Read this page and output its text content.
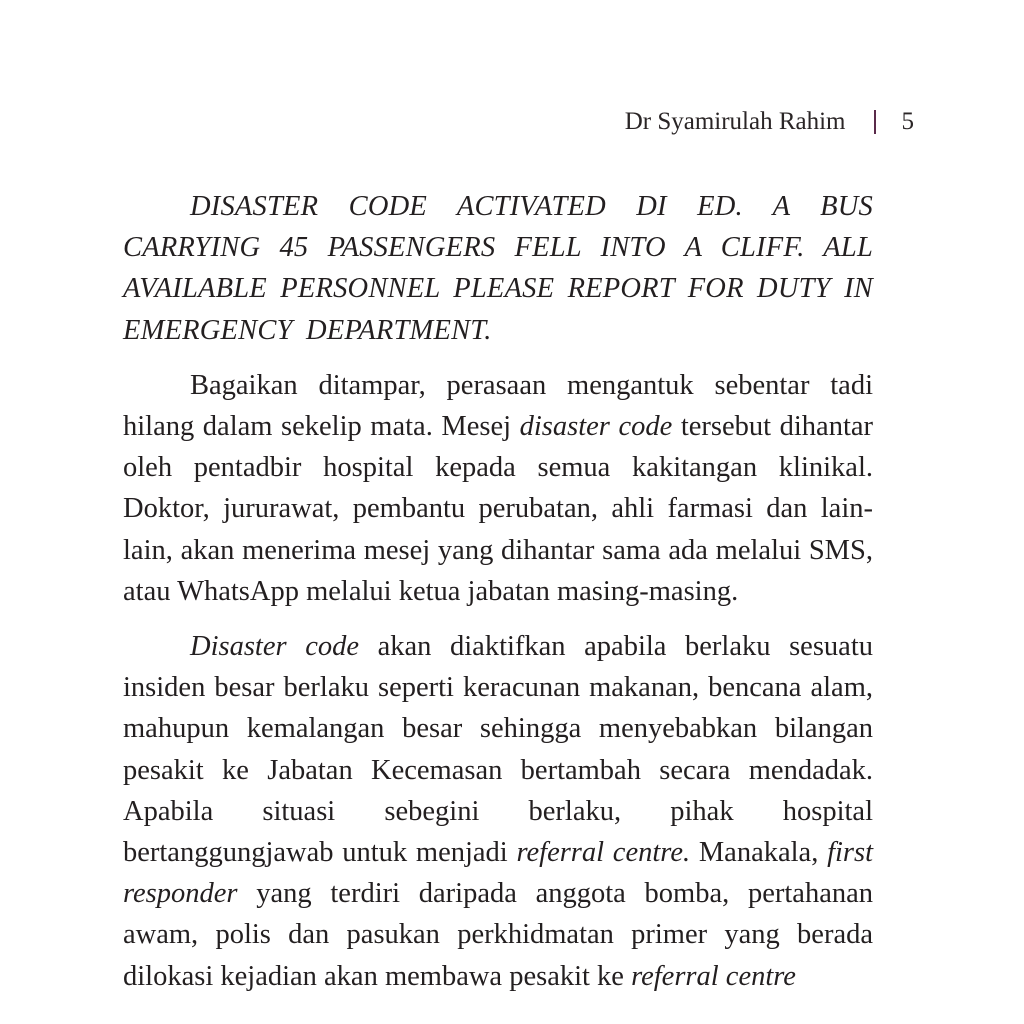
Dr Syamirulah Rahim 5

DISASTER CODE ACTIVATED DI ED. A BUS CARRYING 45 PASSENGERS FELL INTO A CLIFF. ALL AVAILABLE PERSONNEL PLEASE REPORT FOR DUTY IN EMERGENCY DEPARTMENT.

Bagaikan ditampar, perasaan mengantuk sebentar tadi hilang dalam sekelip mata. Mesej disaster code tersebut dihantar oleh pentadbir hospital kepada semua kakitangan klinikal. Doktor, jururawat, pembantu perubatan, ahli farmasi dan lain-lain, akan menerima mesej yang dihantar sama ada melalui SMS, atau WhatsApp melalui ketua jabatan masing-masing.

Disaster code akan diaktifkan apabila berlaku sesuatu insiden besar berlaku seperti keracunan makanan, bencana alam, mahupun kemalangan besar sehingga menyebabkan bilangan pesakit ke Jabatan Kecemasan bertambah secara mendadak. Apabila situasi sebegini berlaku, pihak hospital bertanggungjawab untuk menjadi referral centre. Manakala, first responder yang terdiri daripada anggota bomba, pertahanan awam, polis dan pasukan perkhidmatan primer yang berada dilokasi kejadian akan membawa pesakit ke referral centre
